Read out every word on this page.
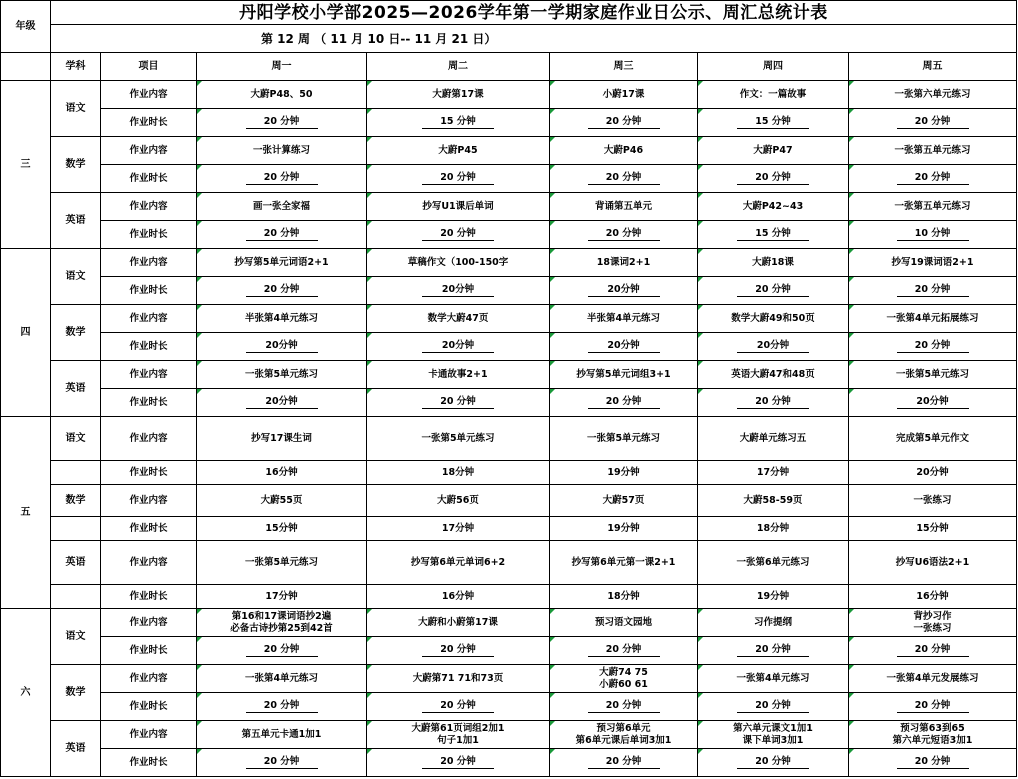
年级	丹阳学校小学部2025—2026学年第一学期家庭作业日公示、周汇总统计表						
	第 12 周 （ 11 月 10 日-- 11 月 21 日）						
	学科	项目	周一	周二	周三	周四	周五
三	语文	作业内容	大蔚P48、50	大蔚第17课	小蔚17课	作文：一篇故事	一张第六单元练习

		作业时长	20 分钟	15 分钟	20 分钟	15 分钟	20 分钟

	数学	作业内容	一张计算练习	大蔚P45	大蔚P46	大蔚P47	一张第五单元练习

		作业时长	20 分钟	20 分钟	20 分钟	20 分钟	20 分钟

	英语	作业内容	画一张全家福	抄写U1课后单词	背诵第五单元	大蔚P42~43	一张第五单元练习

		作业时长	20 分钟	20 分钟	20 分钟	15 分钟	10 分钟

四	语文	作业内容	抄写第5单元词语2+1	草稿作文（100-150字	18课词2+1	大蔚18课	抄写19课词语2+1

		作业时长	20 分钟	20分钟	20分钟	20 分钟	20 分钟

	数学	作业内容	半张第4单元练习	数学大蔚47页	半张第4单元练习	数学大蔚49和50页	一张第4单元拓展练习

		作业时长	20分钟	20分钟	20分钟	20分钟	20 分钟

	英语	作业内容	一张第5单元练习	卡通故事2+1	抄写第5单元词组3+1	英语大蔚47和48页	一张第5单元练习

		作业时长	20分钟	20 分钟	20 分钟	20 分钟	20分钟

五	语文	作业内容	抄写17课生词	一张第5单元练习	一张第5单元练习	大蔚单元练习五	完成第5单元作文
		作业时长	16分钟	18分钟	19分钟	17分钟	20分钟
	数学	作业内容	大蔚55页	大蔚56页	大蔚57页	大蔚58-59页	一张练习
		作业时长	15分钟	17分钟	19分钟	18分钟	15分钟
	英语	作业内容	一张第5单元练习	抄写第6单元单词6+2	抄写第6单元第一课2+1	一张第6单元练习	抄写U6语法2+1
		作业时长	17分钟	16分钟	18分钟	19分钟	16分钟
六	语文	作业内容	第16和17课词语抄2遍
必备古诗抄第25到42首	大蔚和小蔚第17课	预习语文园地	习作提纲	背抄习作
一张练习

		作业时长	20 分钟	20 分钟	20 分钟	20 分钟	20 分钟

	数学	作业内容	一张第4单元练习	大蔚第71 71和73页	大蔚74 75
小蔚60 61	一张第4单元练习	一张第4单元发展练习

		作业时长	20 分钟	20 分钟	20 分钟	20 分钟	20 分钟

	英语	作业内容	第五单元卡通1加1	大蔚第61页词组2加1
句子1加1	预习第6单元
第6单元课后单词3加1	第六单元课文1加1
课下单词3加1	预习第63到65
第六单元短语3加1

		作业时长	20 分钟	20 分钟	20 分钟	20 分钟	20 分钟
